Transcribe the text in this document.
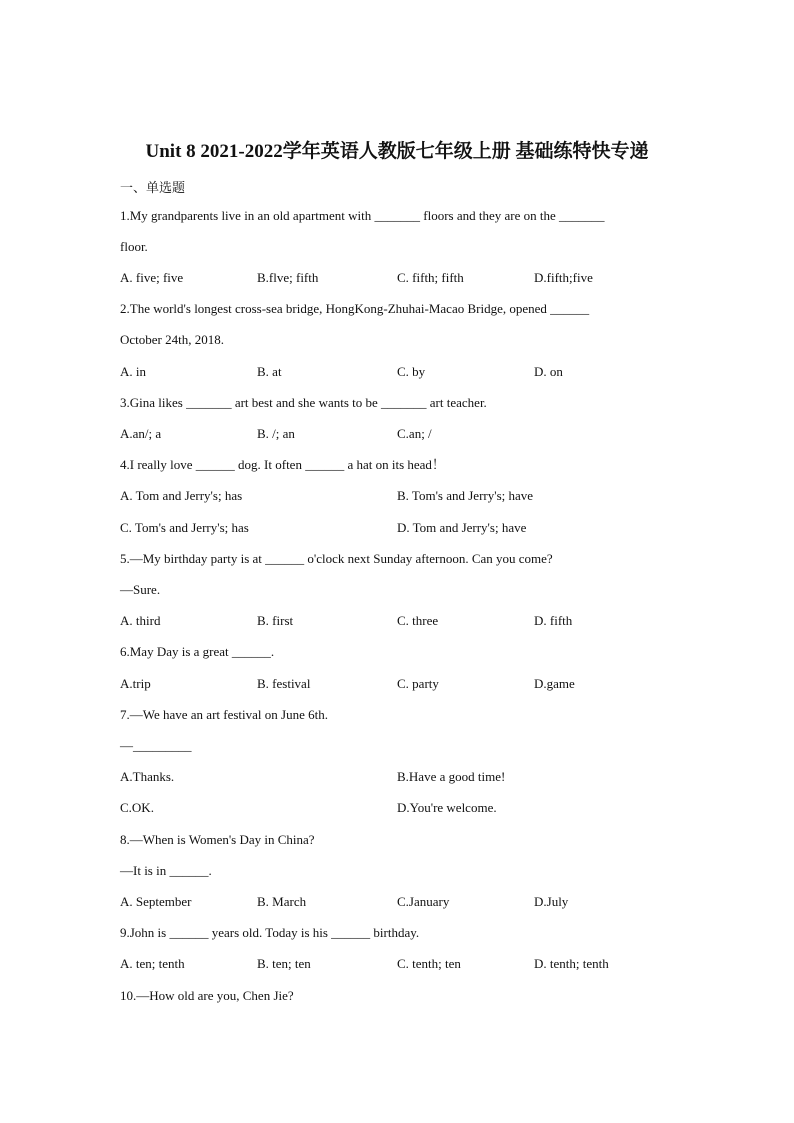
Unit 8 2021-2022学年英语人教版七年级上册 基础练特快专递
一、单选题
1.My grandparents live in an old apartment with _______ floors and they are on the _______
floor.
A. five; five	B.flve; fifth	C. fifth; fifth	D.fifth;five
2.The world's longest cross-sea bridge, HongKong-Zhuhai-Macao Bridge, opened ______
October 24th, 2018.
A. in	B. at	C. by	D. on
3.Gina likes _______ art best and she wants to be _______ art teacher.
A.an/; a	B. /; an	C.an; /
4.I really love ______ dog. It often ______ a hat on its head！
A. Tom and Jerry's; has	B. Tom's and Jerry's; have
C. Tom's and Jerry's; has	D. Tom and Jerry's; have
5.—My birthday party is at ______ o'clock next Sunday afternoon. Can you come?
—Sure.
A. third	B. first	C. three	D. fifth
6.May Day is a great ______.
A.trip	B. festival	C. party	D.game
7.—We have an art festival on June 6th.
—_________
A.Thanks.	B.Have a good time!
C.OK.	D.You're welcome.
8.—When is Women's Day in China?
—It is in ______.
A. September	B. March	C.January	D.July
9.John is ______ years old. Today is his ______ birthday.
A. ten; tenth	B. ten; ten	C. tenth; ten	D. tenth; tenth
10.—How old are you, Chen Jie?
